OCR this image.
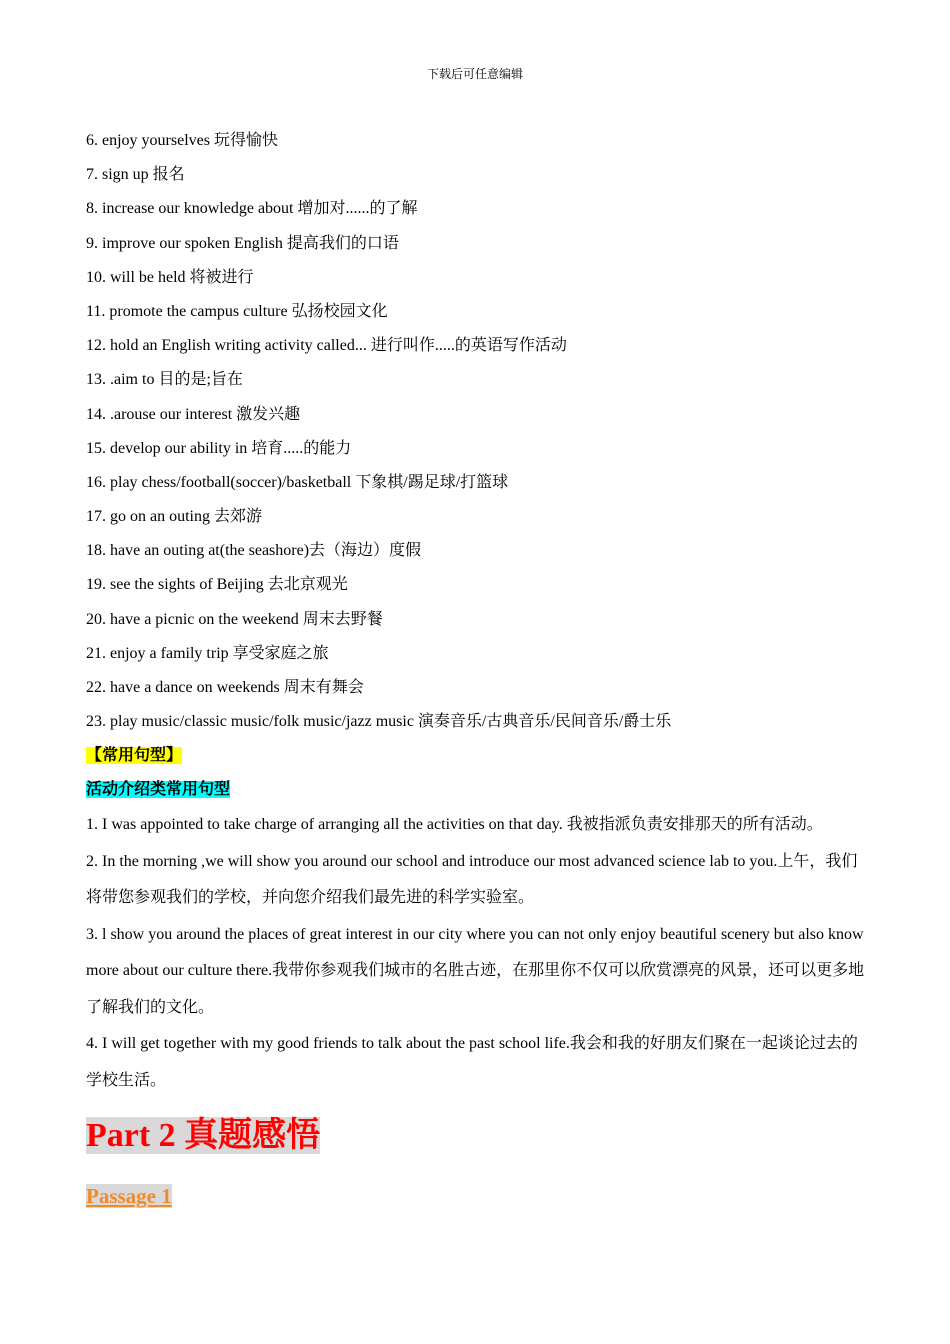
下载后可任意编辑
6. enjoy yourselves 玩得愉快
7. sign up 报名
8. increase our knowledge about 增加对......的了解
9. improve our spoken English 提高我们的口语
10. will be held 将被进行
11. promote the campus culture 弘扬校园文化
12. hold an English writing activity called... 进行叫作.....的英语写作活动
13. .aim to 目的是;旨在
14. .arouse our interest 激发兴趣
15. develop our ability in 培育.....的能力
16. play chess/football(soccer)/basketball 下象棋/踢足球/打篮球
17. go on an outing 去郊游
18. have an outing at(the seashore)去（海边）度假
19. see the sights of Beijing 去北京观光
20. have a picnic on the weekend 周末去野餐
21. enjoy a family trip 享受家庭之旅
22. have a dance on weekends 周末有舞会
23. play music/classic music/folk music/jazz music 演奏音乐/古典音乐/民间音乐/爵士乐
【常用句型】
活动介绍类常用句型
1. I was appointed to take charge of arranging all the activities on that day. 我被指派负责安排那天的所有活动。
2. In the morning ,we will show you around our school and introduce our most advanced science lab to you.上午，我们将带您参观我们的学校，并向您介绍我们最先进的科学实验室。
3. l show you around the places of great interest in our city where you can not only enjoy beautiful scenery but also know more about our culture there.我带你参观我们城市的名胜古迹，在那里你不仅可以欣赏漂亮的风景，还可以更多地了解我们的文化。
4. I will get together with my good friends to talk about the past school life.我会和我的好朋友们聚在一起谈论过去的学校生活。
Part 2 真题感悟
Passage 1
